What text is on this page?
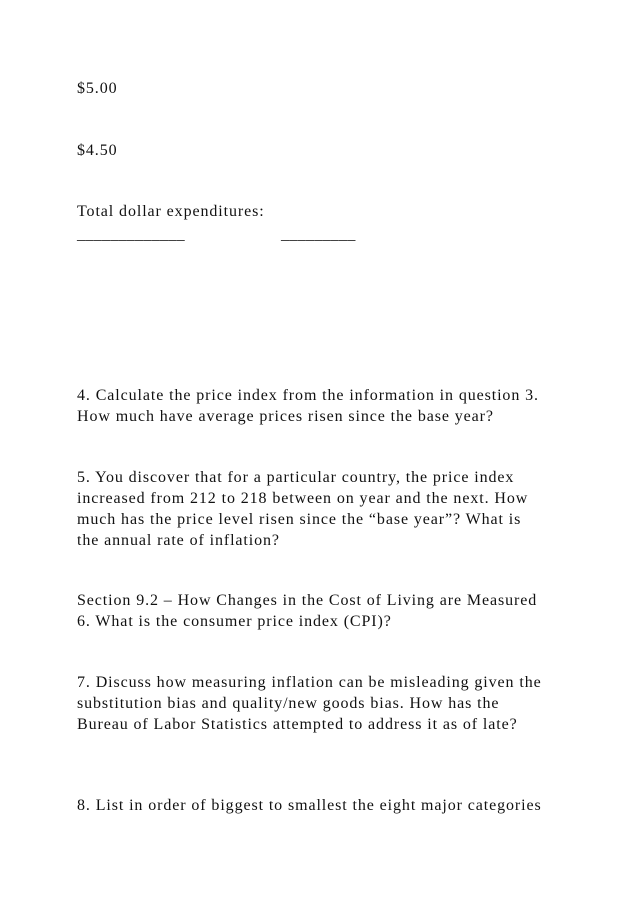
$5.00
$4.50
Total dollar expenditures:
_____________	_________
4. Calculate the price index from the information in question 3.
How much have average prices risen since the base year?
5. You discover that for a particular country, the price index
increased from 212 to 218 between on year and the next. How
much has the price level risen since the “base year”? What is
the annual rate of inflation?
Section 9.2 – How Changes in the Cost of Living are Measured
6. What is the consumer price index (CPI)?
7. Discuss how measuring inflation can be misleading given the
substitution bias and quality/new goods bias. How has the
Bureau of Labor Statistics attempted to address it as of late?
8. List in order of biggest to smallest the eight major categories
